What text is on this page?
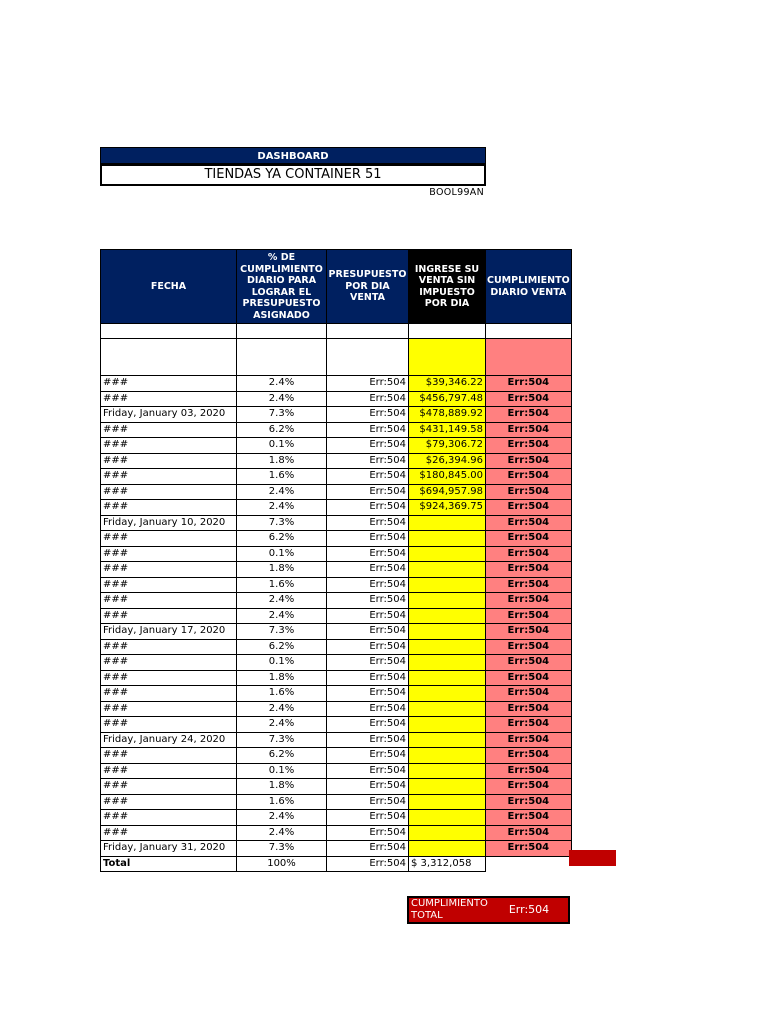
DASHBOARD
TIENDAS YA CONTAINER 51
BOOL99AN
FECHA	% DE CUMPLIMIENTO DIARIO PARA LOGRAR EL PRESUPUESTO ASIGNADO	PRESUPUESTO POR DIA VENTA	INGRESE SU VENTA SIN IMPUESTO POR DIA	CUMPLIMIENTO DIARIO VENTA

###	2.4%	Err:504	$39,346.22	Err:504
###	2.4%	Err:504	$456,797.48	Err:504
Friday, January 03, 2020	7.3%	Err:504	$478,889.92	Err:504
###	6.2%	Err:504	$431,149.58	Err:504
###	0.1%	Err:504	$79,306.72	Err:504
###	1.8%	Err:504	$26,394.96	Err:504
###	1.6%	Err:504	$180,845.00	Err:504
###	2.4%	Err:504	$694,957.98	Err:504
###	2.4%	Err:504	$924,369.75	Err:504
Friday, January 10, 2020	7.3%	Err:504		Err:504
###	6.2%	Err:504		Err:504
###	0.1%	Err:504		Err:504
###	1.8%	Err:504		Err:504
###	1.6%	Err:504		Err:504
###	2.4%	Err:504		Err:504
###	2.4%	Err:504		Err:504
Friday, January 17, 2020	7.3%	Err:504		Err:504
###	6.2%	Err:504		Err:504
###	0.1%	Err:504		Err:504
###	1.8%	Err:504		Err:504
###	1.6%	Err:504		Err:504
###	2.4%	Err:504		Err:504
###	2.4%	Err:504		Err:504
Friday, January 24, 2020	7.3%	Err:504		Err:504
###	6.2%	Err:504		Err:504
###	0.1%	Err:504		Err:504
###	1.8%	Err:504		Err:504
###	1.6%	Err:504		Err:504
###	2.4%	Err:504		Err:504
###	2.4%	Err:504		Err:504
Friday, January 31, 2020	7.3%	Err:504		Err:504
Total	100%	Err:504	$ 3,312,058	
CUMPLIMIENTO TOTAL	Err:504
